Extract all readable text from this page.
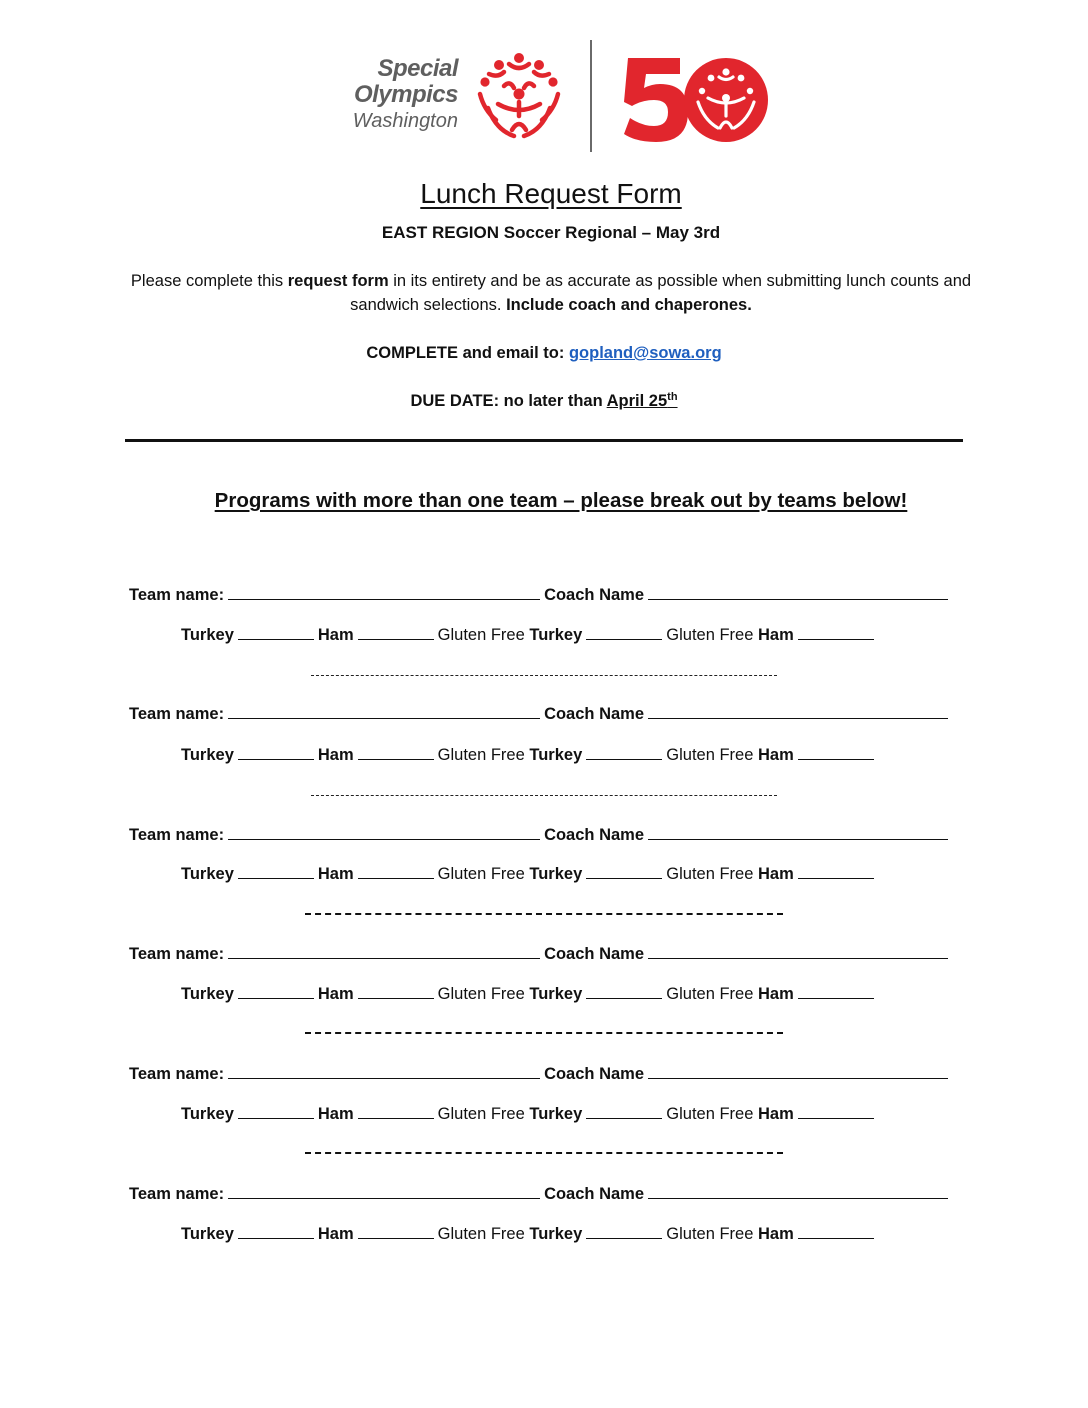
Special
Olympics
Washington
Lunch Request Form
EAST REGION Soccer Regional – May 3rd
Please complete this request form in its entirety and be as accurate as possible when submitting lunch counts and sandwich selections. Include coach and chaperones.
COMPLETE and email to: gopland@sowa.org
DUE DATE: no later than April 25th
Programs with more than one team – please break out by teams below!
Team name:	Coach Name
Turkey	Ham	Gluten Free Turkey	Gluten Free Ham
Team name:	Coach Name
Turkey	Ham	Gluten Free Turkey	Gluten Free Ham
Team name:	Coach Name
Turkey	Ham	Gluten Free Turkey	Gluten Free Ham
Team name:	Coach Name
Turkey	Ham	Gluten Free Turkey	Gluten Free Ham
Team name:	Coach Name
Turkey	Ham	Gluten Free Turkey	Gluten Free Ham
Team name:	Coach Name
Turkey	Ham	Gluten Free Turkey	Gluten Free Ham
